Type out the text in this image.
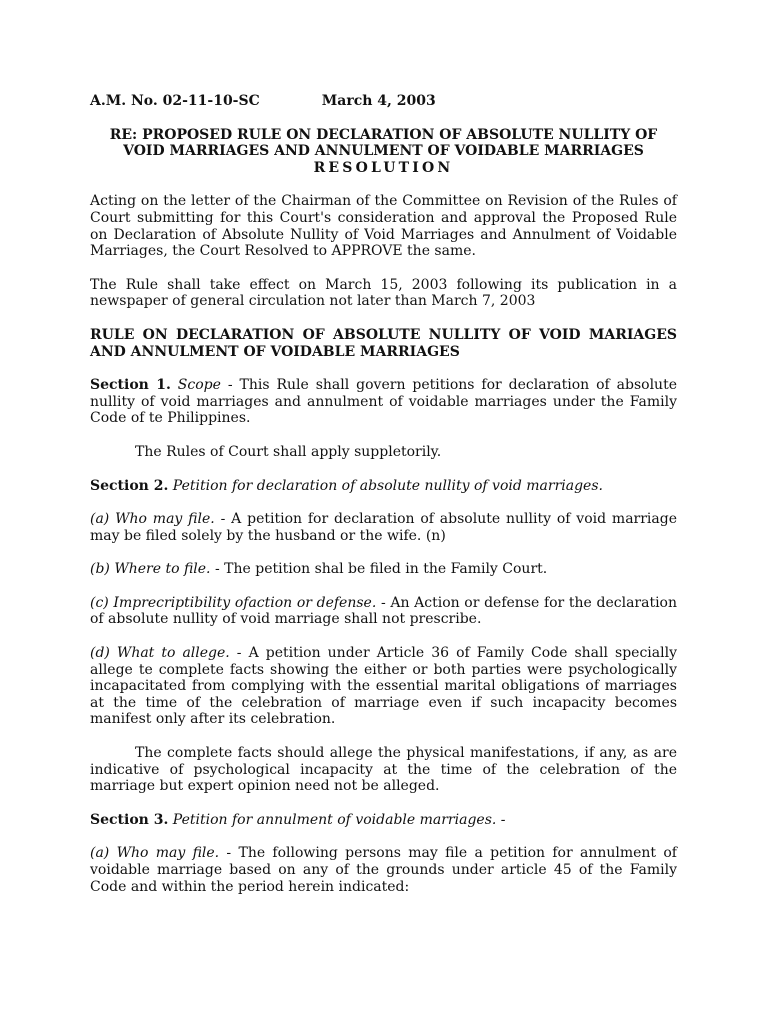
A.M. No. 02-11-10-SC	March 4, 2003

RE: PROPOSED RULE ON DECLARATION OF ABSOLUTE NULLITY OF VOID MARRIAGES AND ANNULMENT OF VOIDABLE MARRIAGES

RESOLUTION

Acting on the letter of the Chairman of the Committee on Revision of the Rules of Court submitting for this Court's consideration and approval the Proposed Rule on Declaration of Absolute Nullity of Void Marriages and Annulment of Voidable Marriages, the Court Resolved to APPROVE the same.

The Rule shall take effect on March 15, 2003 following its publication in a newspaper of general circulation not later than March 7, 2003

RULE ON DECLARATION OF ABSOLUTE NULLITY OF VOID MARIAGES AND ANNULMENT OF VOIDABLE MARRIAGES

Section 1. Scope - This Rule shall govern petitions for declaration of absolute nullity of void marriages and annulment of voidable marriages under the Family Code of te Philippines.

The Rules of Court shall apply suppletorily.

Section 2. Petition for declaration of absolute nullity of void marriages.

(a) Who may file. - A petition for declaration of absolute nullity of void marriage may be filed solely by the husband or the wife. (n)

(b) Where to file. - The petition shal be filed in the Family Court.

(c) Imprecriptibility ofaction or defense. - An Action or defense for the declaration of absolute nullity of void marriage shall not prescribe.

(d) What to allege. - A petition under Article 36 of Family Code shall specially allege te complete facts showing the either or both parties were psychologically incapacitated from complying with the essential marital obligations of marriages at the time of the celebration of marriage even if such incapacity becomes manifest only after its celebration.

The complete facts should allege the physical manifestations, if any, as are indicative of psychological incapacity at the time of the celebration of the marriage but expert opinion need not be alleged.

Section 3. Petition for annulment of voidable marriages. -

(a) Who may file. - The following persons may file a petition for annulment of voidable marriage based on any of the grounds under article 45 of the Family Code and within the period herein indicated:
